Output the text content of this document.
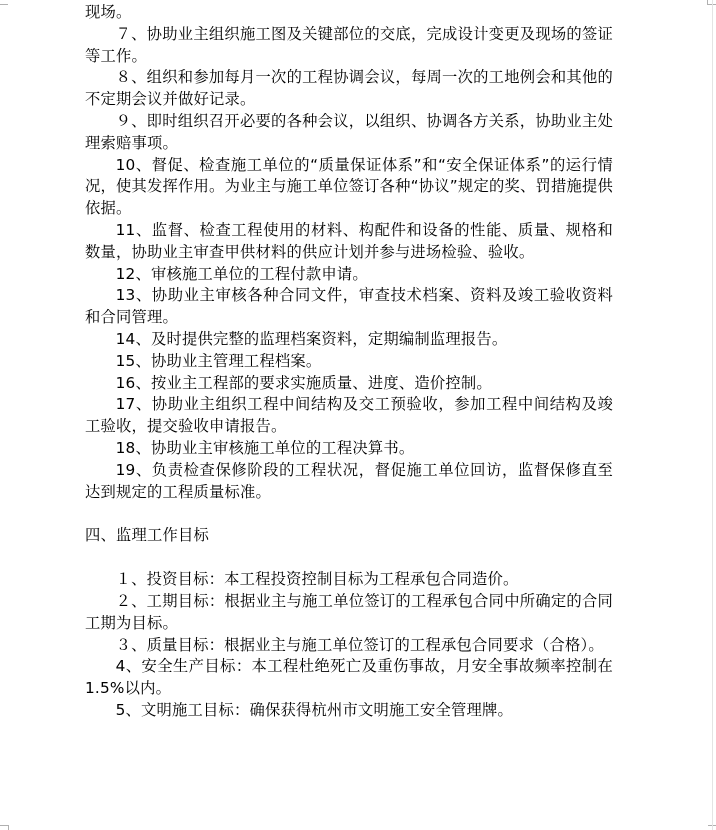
现场。

７、协助业主组织施工图及关键部位的交底，完成设计变更及现场的签证等工作。

８、组织和参加每月一次的工程协调会议，每周一次的工地例会和其他的不定期会议并做好记录。

９、即时组织召开必要的各种会议，以组织、协调各方关系，协助业主处理索赔事项。

10、督促、检查施工单位的“质量保证体系”和“安全保证体系”的运行情况，使其发挥作用。为业主与施工单位签订各种“协议”规定的奖、罚措施提供依据。

11、监督、检查工程使用的材料、构配件和设备的性能、质量、规格和数量，协助业主审查甲供材料的供应计划并参与进场检验、验收。

12、审核施工单位的工程付款申请。

13、协助业主审核各种合同文件，审查技术档案、资料及竣工验收资料和合同管理。

14、及时提供完整的监理档案资料，定期编制监理报告。

15、协助业主管理工程档案。

16、按业主工程部的要求实施质量、进度、造价控制。

17、协助业主组织工程中间结构及交工预验收，参加工程中间结构及竣工验收，提交验收申请报告。

18、协助业主审核施工单位的工程决算书。

19、负责检查保修阶段的工程状况，督促施工单位回访，监督保修直至达到规定的工程质量标准。

四、监理工作目标

１、投资目标：本工程投资控制目标为工程承包合同造价。

２、工期目标：根据业主与施工单位签订的工程承包合同中所确定的合同工期为目标。

３、质量目标：根据业主与施工单位签订的工程承包合同要求（合格）。

4、安全生产目标：本工程杜绝死亡及重伤事故，月安全事故频率控制在 1.5%以内。

5、文明施工目标：确保获得杭州市文明施工安全管理牌。
